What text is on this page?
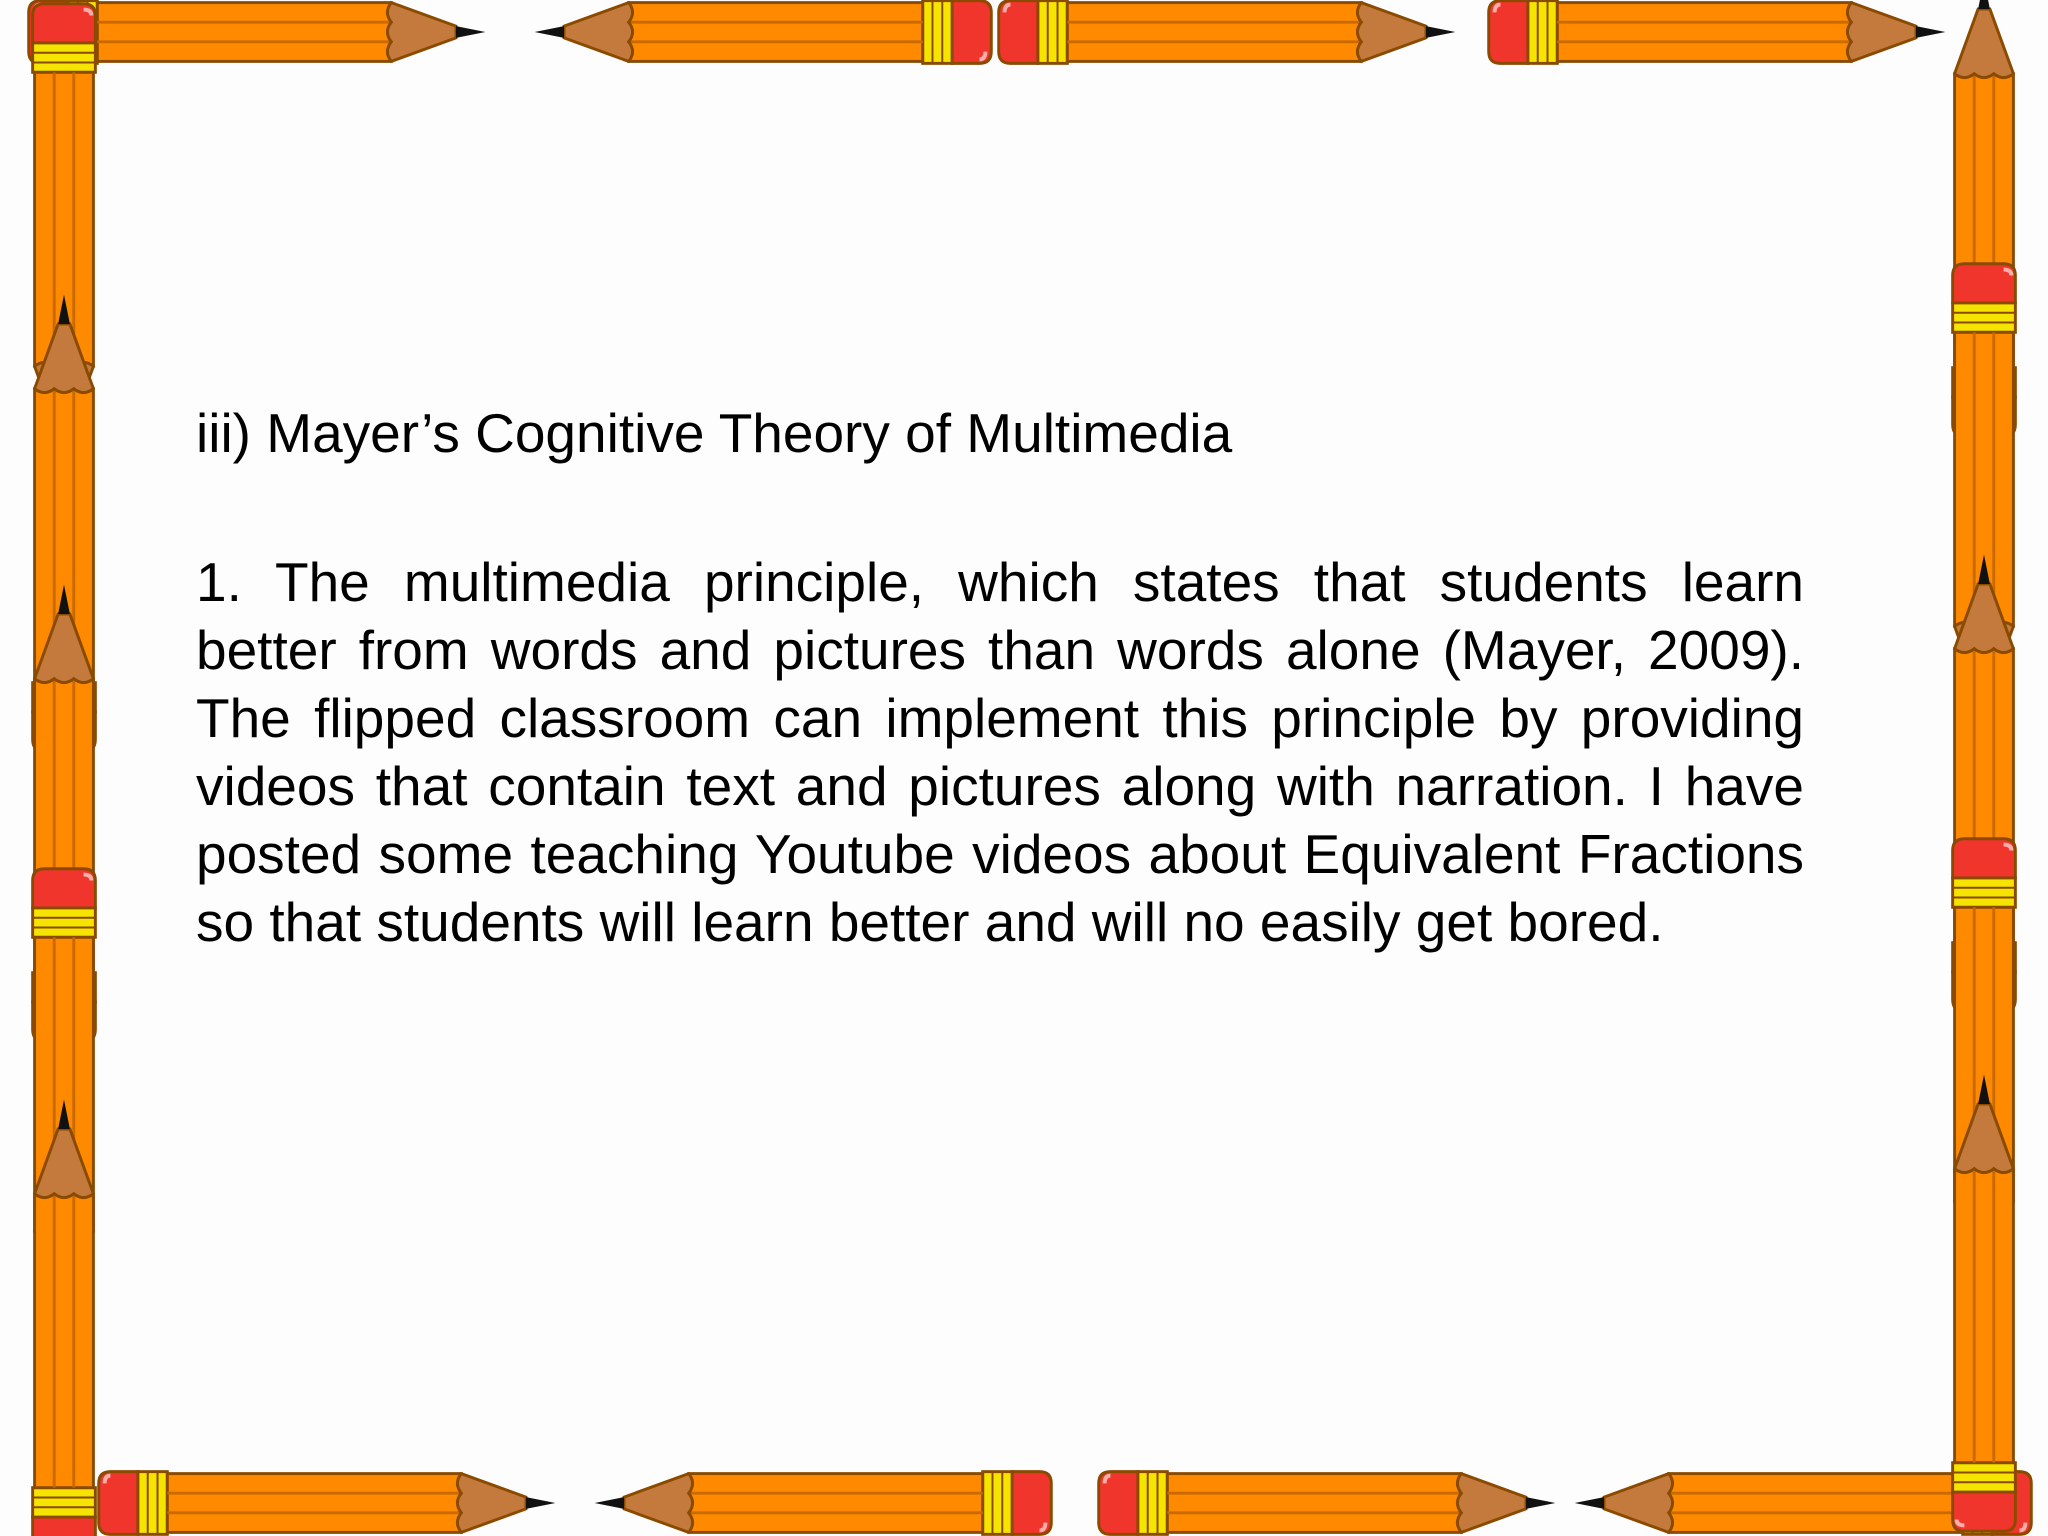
iii) Mayer’s Cognitive Theory of Multimedia

1. The multimedia principle, which states that students learn better from words and pictures than words alone (Mayer, 2009). The flipped classroom can implement this principle by providing videos that contain text and pictures along with narration. I have posted some teaching Youtube videos about Equivalent Fractions so that students will learn better and will no easily get bored.
